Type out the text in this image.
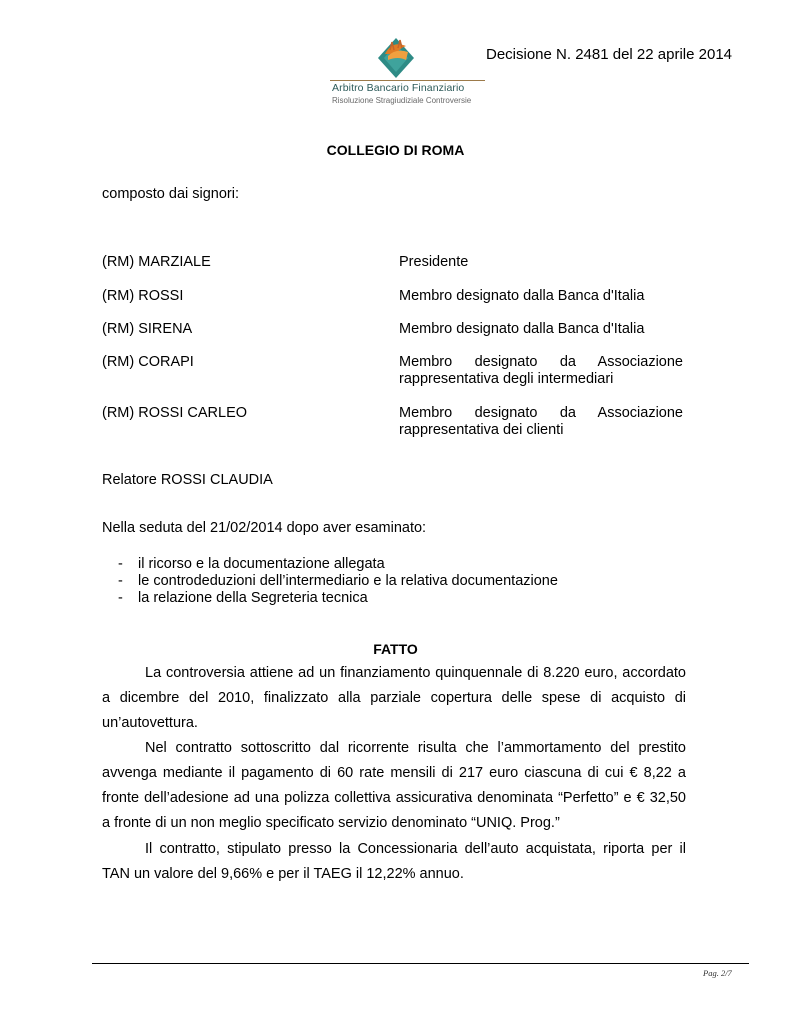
Arbitro Bancario Finanziario
Risoluzione Stragiudiziale Controversie
Decisione N. 2481 del 22 aprile 2014
COLLEGIO DI ROMA
composto dai signori:
(RM) MARZIALE	Presidente
(RM) ROSSI	Membro designato dalla Banca d'Italia
(RM) SIRENA	Membro designato dalla Banca d'Italia
(RM) CORAPI	Membro designato da Associazione
rappresentativa degli intermediari
(RM) ROSSI CARLEO	Membro designato da Associazione
rappresentativa dei clienti
Relatore ROSSI CLAUDIA
Nella seduta del 21/02/2014 dopo aver esaminato:
- il ricorso e la documentazione allegata
- le controdeduzioni dell’intermediario e la relativa documentazione
- la relazione della Segreteria tecnica
FATTO
La controversia attiene ad un finanziamento quinquennale di 8.220 euro, accordato a dicembre del 2010, finalizzato alla parziale copertura delle spese di acquisto di un’autovettura.
Nel contratto sottoscritto dal ricorrente risulta che l’ammortamento del prestito avvenga mediante il pagamento di 60 rate mensili di 217 euro ciascuna di cui € 8,22 a fronte dell’adesione ad una polizza collettiva assicurativa denominata “Perfetto” e € 32,50 a fronte di un non meglio specificato servizio denominato “UNIQ. Prog.”
Il contratto, stipulato presso la Concessionaria dell’auto acquistata, riporta per il TAN un valore del 9,66% e per il TAEG il 12,22% annuo.
Pag. 2/7
